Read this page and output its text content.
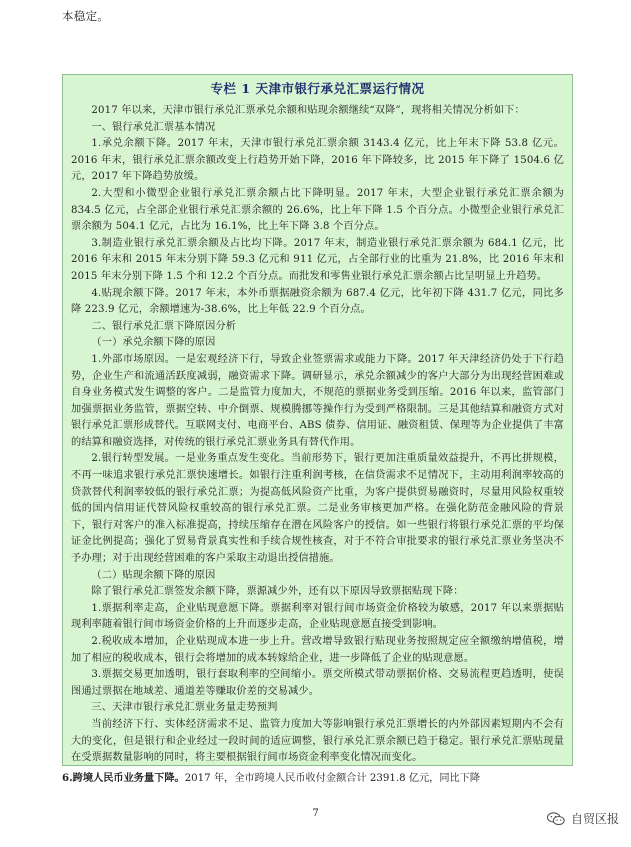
本稳定。
专栏 1 天津市银行承兑汇票运行情况

2017 年以来，天津市银行承兑汇票承兑余额和贴现余额继续“双降”，现将相关情况分析如下：

一、银行承兑汇票基本情况

1.承兑余额下降。2017 年末，天津市银行承兑汇票余额 3143.4 亿元，比上年末下降 53.8 亿元。2016 年末，银行承兑汇票余额改变上行趋势开始下降，2016 年下降较多，比 2015 年下降了 1504.6 亿元，2017 年下降趋势放缓。

2.大型和小微型企业银行承兑汇票余额占比下降明显。2017 年末，大型企业银行承兑汇票余额为 834.5 亿元，占全部企业银行承兑汇票余额的 26.6%，比上年下降 1.5 个百分点。小微型企业银行承兑汇票余额为 504.1 亿元，占比为 16.1%，比上年下降 3.8 个百分点。

3.制造业银行承兑汇票余额及占比均下降。2017 年末，制造业银行承兑汇票余额为 684.1 亿元，比 2016 年末和 2015 年末分别下降 59.3 亿元和 911 亿元，占全部行业的比重为 21.8%，比 2016 年末和 2015 年末分别下降 1.5 个和 12.2 个百分点。而批发和零售业银行承兑汇票余额占比呈明显上升趋势。

4.贴现余额下降。2017 年末，本外币票据融资余额为 687.4 亿元，比年初下降 431.7 亿元，同比多降 223.9 亿元，余额增速为-38.6%，比上年低 22.9 个百分点。

二、银行承兑汇票下降原因分析

（一）承兑余额下降的原因

1.外部市场原因。一是宏观经济下行，导致企业签票需求或能力下降。2017 年天津经济仍处于下行趋势，企业生产和流通活跃度减弱，融资需求下降。调研显示，承兑余额减少的客户大部分为出现经营困难或自身业务模式发生调整的客户。二是监管力度加大，不规范的票据业务受到压缩。2016 年以来，监管部门加强票据业务监管，票据空转、中介倒票、规模腾挪等操作行为受到严格限制。三是其他结算和融资方式对银行承兑汇票形成替代。互联网支付、电商平台、ABS 债券、信用证、融资租赁、保理等为企业提供了丰富的结算和融资选择，对传统的银行承兑汇票业务具有替代作用。

2.银行转型发展。一是业务重点发生变化。当前形势下，银行更加注重质量效益提升，不再比拼规模，不再一味追求银行承兑汇票快速增长。如银行注重利润考核，在信贷需求不足情况下，主动用利润率较高的贷款替代利润率较低的银行承兑汇票；为提高低风险资产比重，为客户提供贸易融资时，尽量用风险权重较低的国内信用证代替风险权重较高的银行承兑汇票。二是业务审核更加严格。在强化防范金融风险的背景下，银行对客户的准入标准提高，持续压缩存在潜在风险客户的授信。如一些银行将银行承兑汇票的平均保证金比例提高；强化了贸易背景真实性和手续合规性核查，对于不符合审批要求的银行承兑汇票业务坚决不予办理；对于出现经营困难的客户采取主动退出授信措施。

（二）贴现余额下降的原因

除了银行承兑汇票签发余额下降，票源减少外，还有以下原因导致票据贴现下降：

1.票据利率走高，企业贴现意愿下降。票据利率对银行间市场资金价格较为敏感，2017 年以来票据贴现利率随着银行间市场资金价格的上升而逐步走高，企业贴现意愿直接受到影响。

2.税收成本增加，企业贴现成本进一步上升。营改增导致银行贴现业务按照规定应全额缴纳增值税，增加了相应的税收成本，银行会将增加的成本转嫁给企业，进一步降低了企业的贴现意愿。

3.票据交易更加透明，银行套取利率的空间缩小。票交所模式带动票据价格、交易流程更趋透明，使误图通过票据在地域差、通道差等赚取价差的交易减少。

三、天津市银行承兑汇票业务量走势预判

当前经济下行、实体经济需求不足、监管力度加大等影响银行承兑汇票增长的内外部因素短期内不会有大的变化，但是银行和企业经过一段时间的适应调整，银行承兑汇票余额已趋于稳定。银行承兑汇票贴现量在受票据数量影响的同时，将主要根据银行间市场资金利率变化情况而变化。

6.跨境人民币业务量下降。2017 年，全市跨境人民币收付金额合计 2391.8 亿元，同比下降
7	自贸区报
